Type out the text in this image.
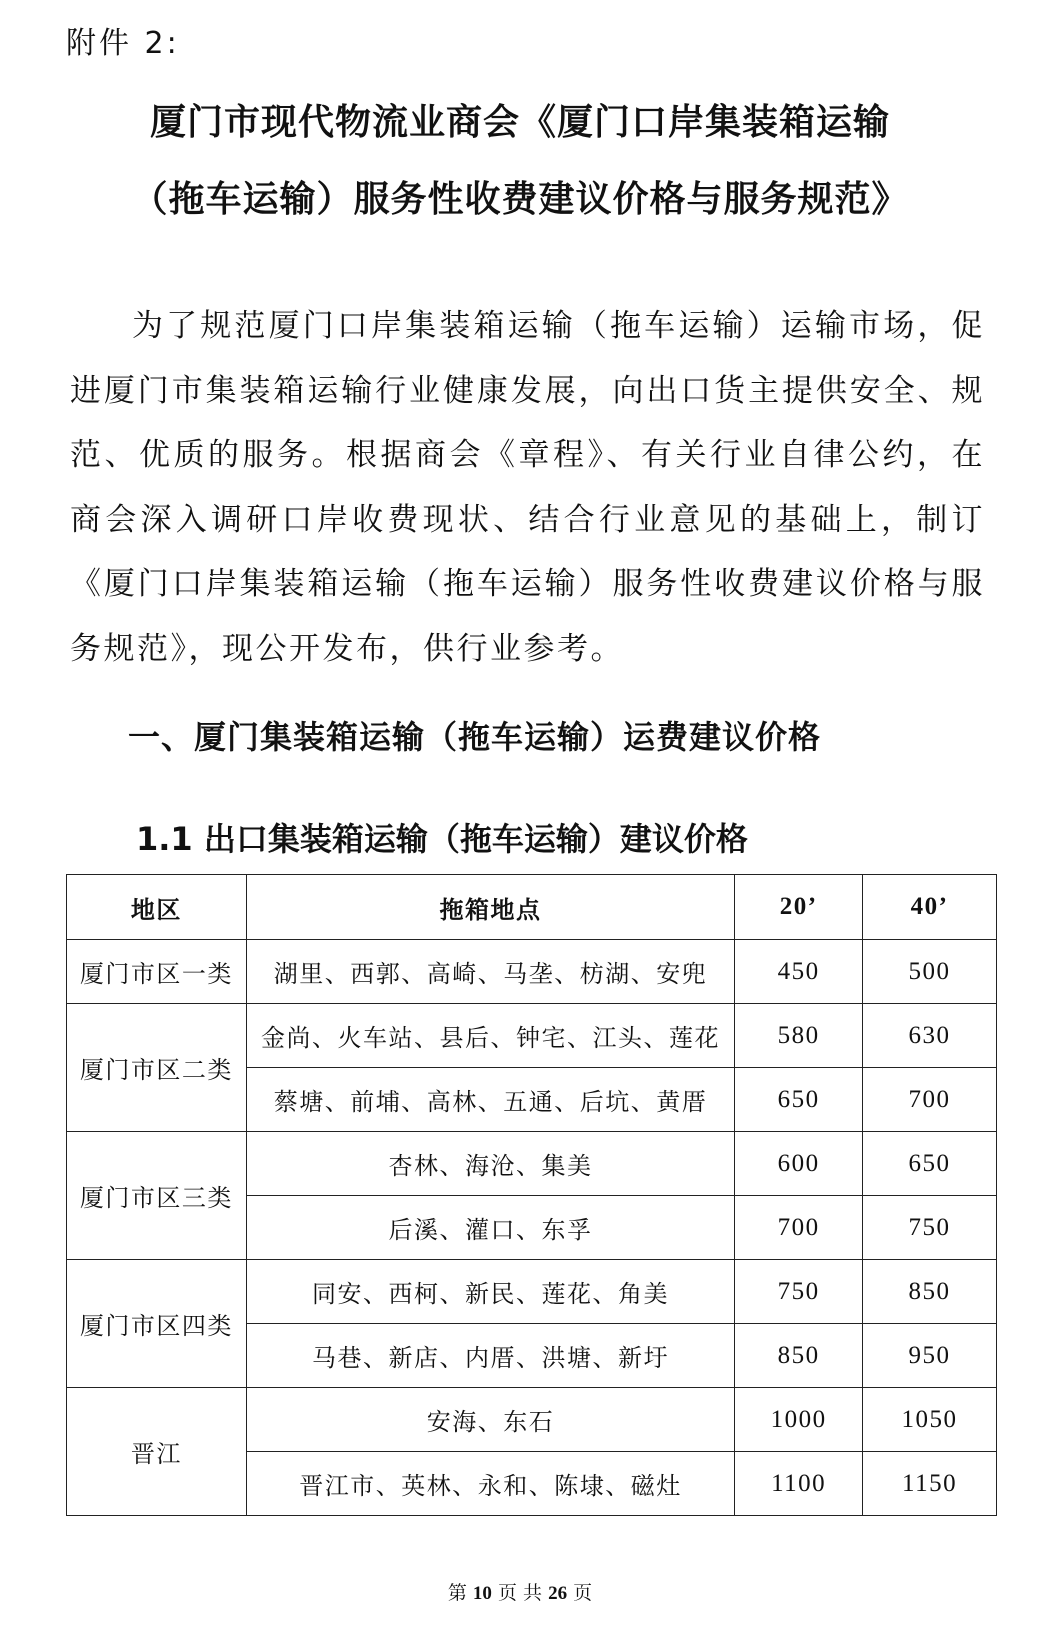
附件 2:
厦门市现代物流业商会《厦门口岸集装箱运输
（拖车运输）服务性收费建议价格与服务规范》
为了规范厦门口岸集装箱运输（拖车运输）运输市场，促进厦门市集装箱运输行业健康发展，向出口货主提供安全、规范、优质的服务。根据商会《章程》、有关行业自律公约，在商会深入调研口岸收费现状、结合行业意见的基础上，制订《厦门口岸集装箱运输（拖车运输）服务性收费建议价格与服务规范》，现公开发布，供行业参考。
一、厦门集装箱运输（拖车运输）运费建议价格
1.1 出口集装箱运输（拖车运输）建议价格
地区	拖箱地点	20’	40’
厦门市区一类	湖里、西郭、高崎、马垄、枋湖、安兜	450	500
厦门市区二类	金尚、火车站、县后、钟宅、江头、莲花	580	630
	蔡塘、前埔、高林、五通、后坑、黄厝	650	700
厦门市区三类	杏林、海沧、集美	600	650
	后溪、灌口、东孚	700	750
厦门市区四类	同安、西柯、新民、莲花、角美	750	850
	马巷、新店、内厝、洪塘、新圩	850	950
晋江	安海、东石	1000	1050
	晋江市、英林、永和、陈埭、磁灶	1100	1150
第 10 页 共 26 页
